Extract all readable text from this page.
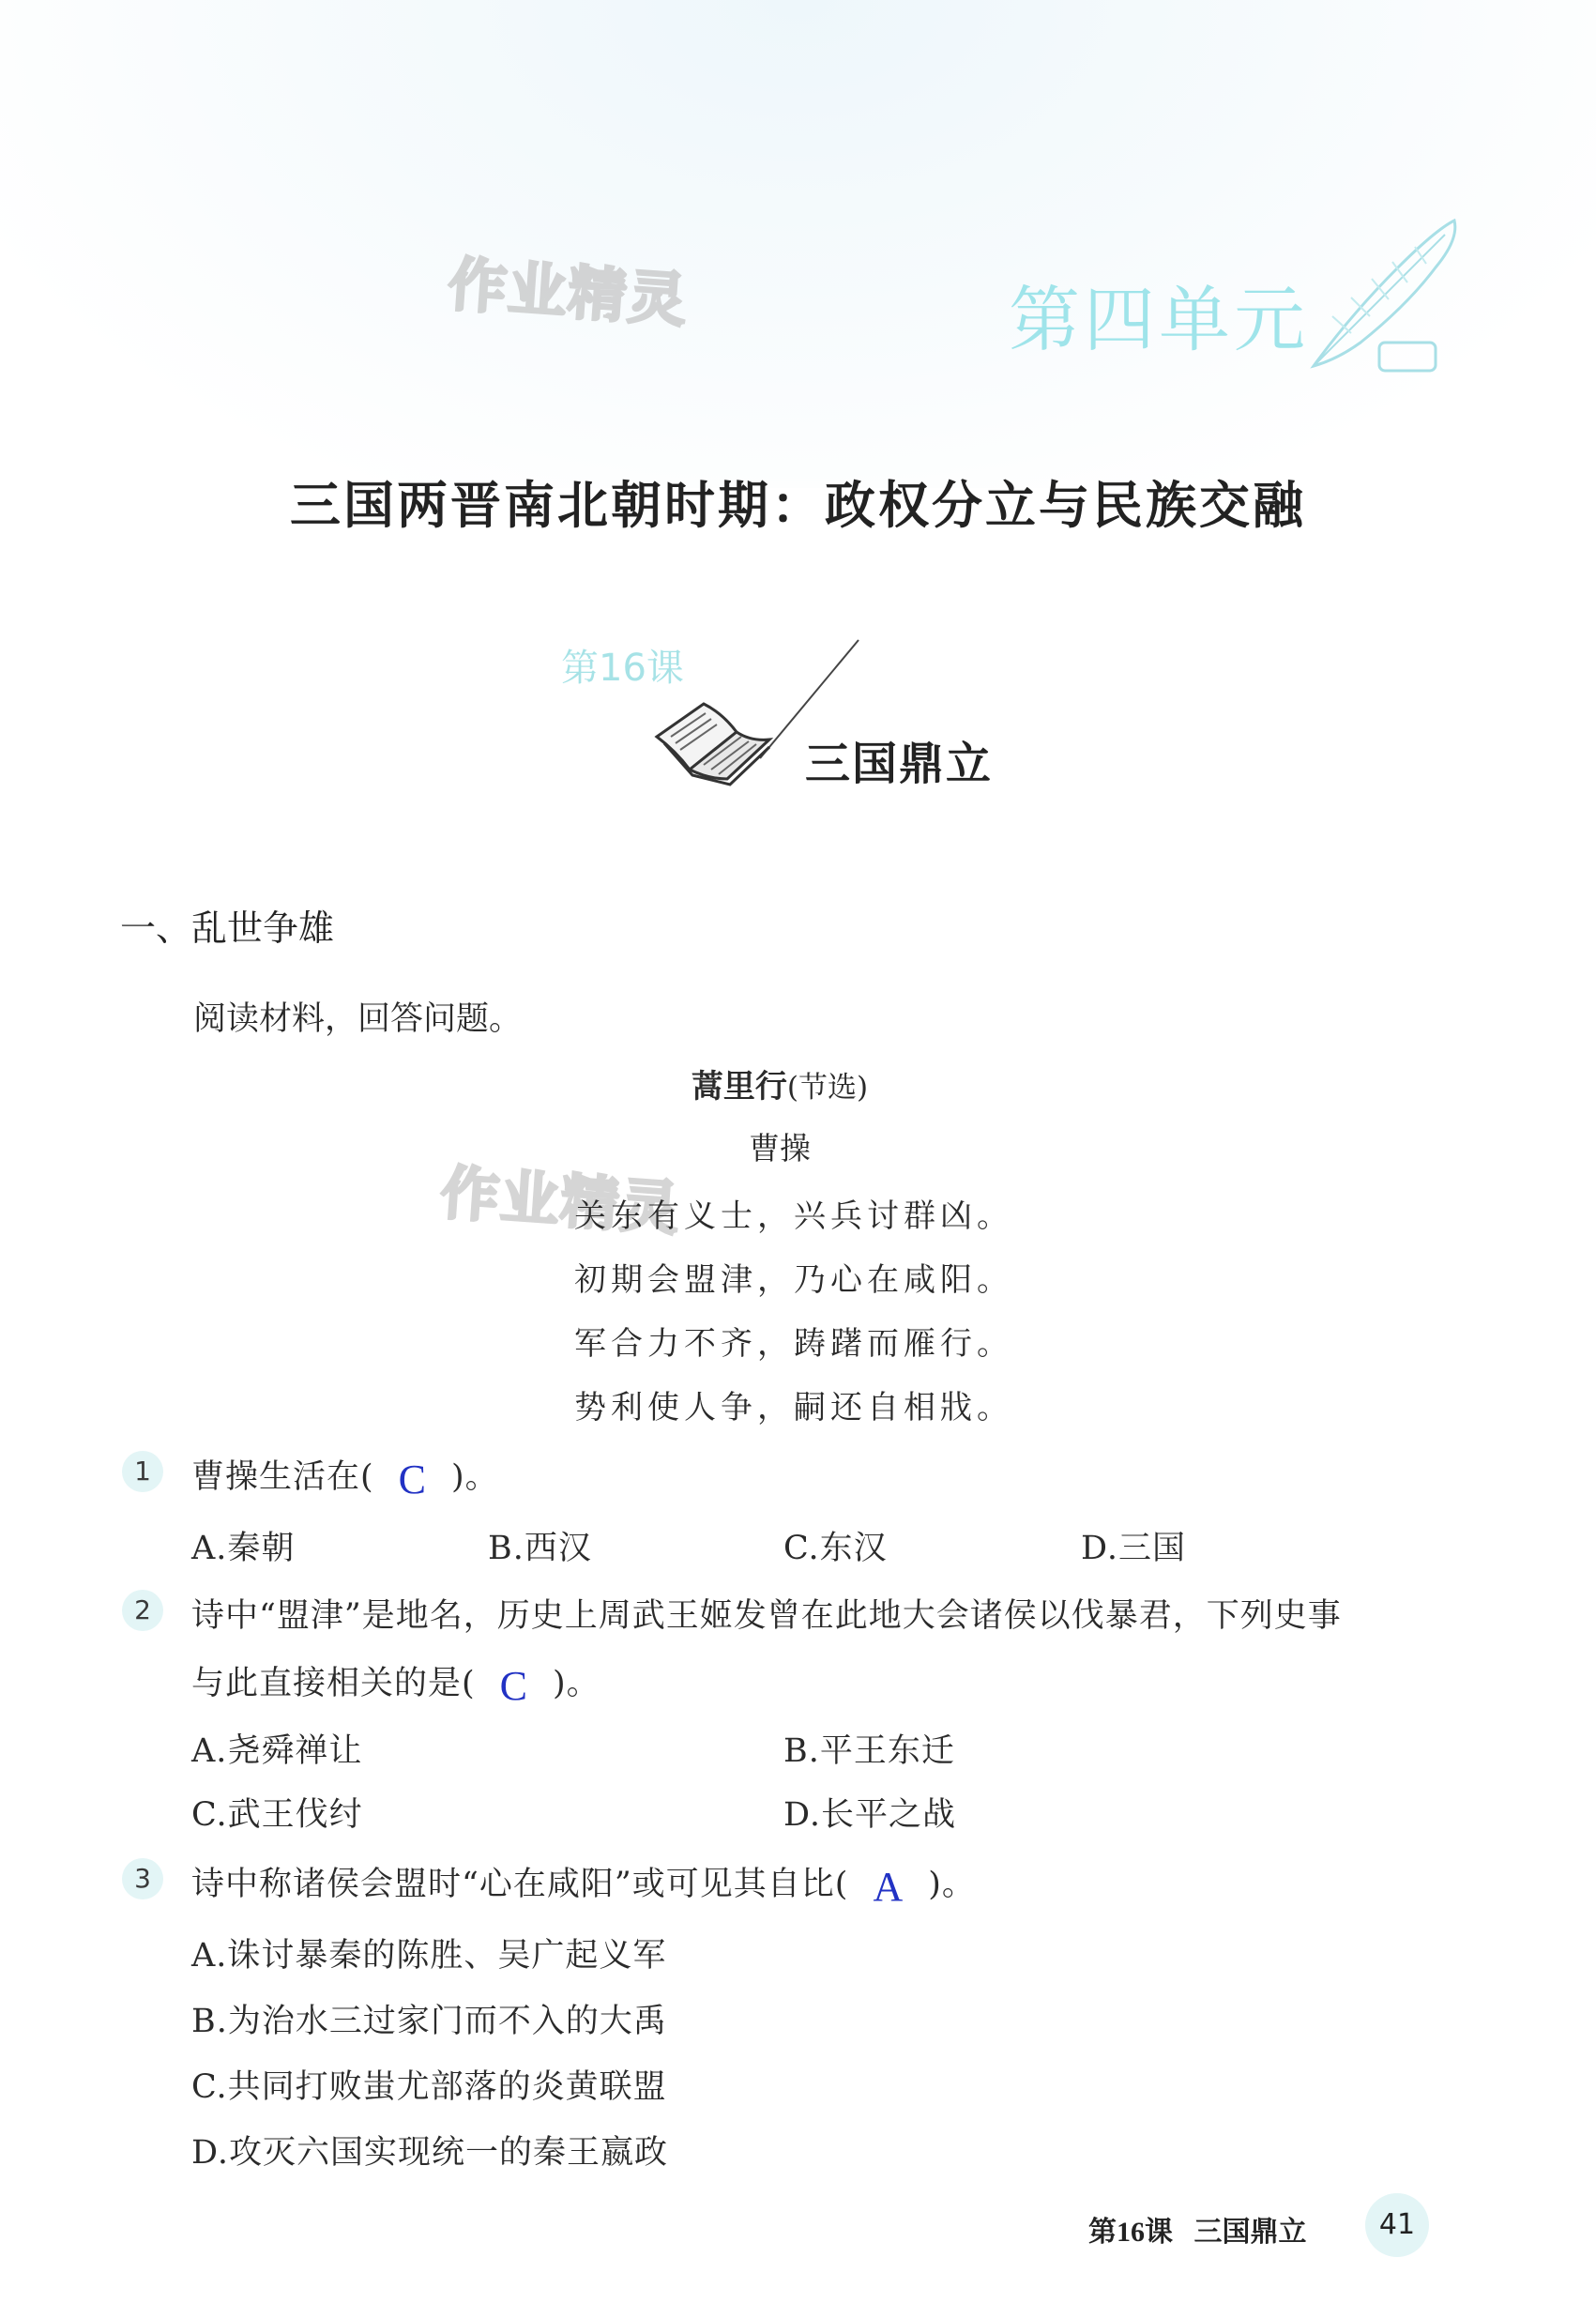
作业精灵
作业精灵
第四单元
三国两晋南北朝时期：政权分立与民族交融
第16课
三国鼎立
一、乱世争雄
阅读材料，回答问题。
蒿里行(节选)
曹操
关东有义士，兴兵讨群凶。
初期会盟津，乃心在咸阳。
军合力不齐，踌躇而雁行。
势利使人争，嗣还自相戕。
1	曹操生活在( C )。
A.秦朝	B.西汉	C.东汉	D.三国
2	诗中“盟津”是地名，历史上周武王姬发曾在此地大会诸侯以伐暴君，下列史事
与此直接相关的是( C )。
A.尧舜禅让	B.平王东迁
C.武王伐纣	D.长平之战
3	诗中称诸侯会盟时“心在咸阳”或可见其自比( A )。
A.诛讨暴秦的陈胜、吴广起义军
B.为治水三过家门而不入的大禹
C.共同打败蚩尤部落的炎黄联盟
D.攻灭六国实现统一的秦王嬴政
第16课 三国鼎立	41
